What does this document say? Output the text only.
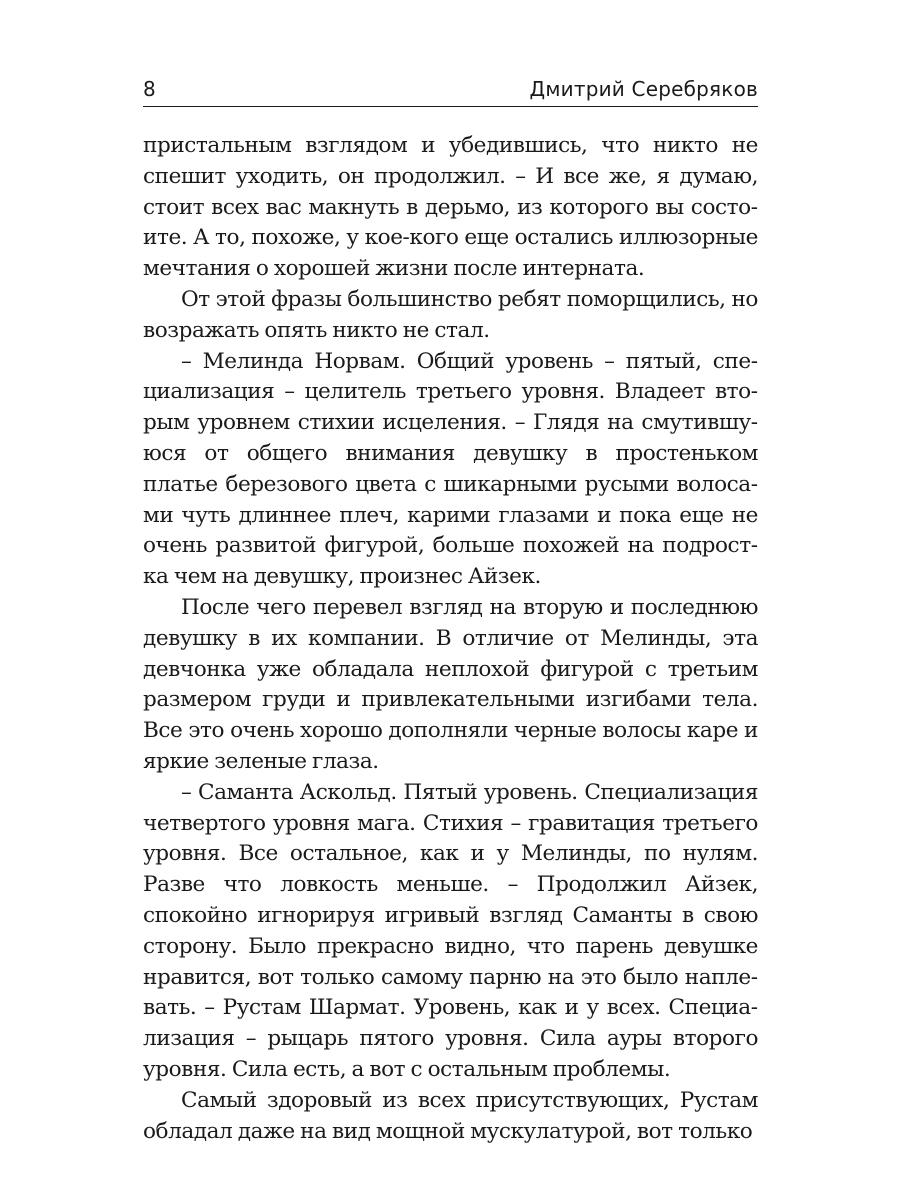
8	Дмитрий Серебряков

пристальным взглядом и убедившись, что никто не спешит уходить, он продолжил. – И все же, я думаю, стоит всех вас макнуть в дерьмо, из которого вы состоите. А то, похоже, у кое-кого еще остались иллюзорные мечтания о хорошей жизни после интерната.

От этой фразы большинство ребят поморщились, но возражать опять никто не стал.

– Мелинда Норвам. Общий уровень – пятый, специализация – целитель третьего уровня. Владеет вторым уровнем стихии исцеления. – Глядя на смутившуюся от общего внимания девушку в простеньком платье березового цвета с шикарными русыми волосами чуть длиннее плеч, карими глазами и пока еще не очень развитой фигурой, больше похожей на подростка чем на девушку, произнес Айзек.

После чего перевел взгляд на вторую и последнюю девушку в их компании. В отличие от Мелинды, эта девчонка уже обладала неплохой фигурой с третьим размером груди и привлекательными изгибами тела. Все это очень хорошо дополняли черные волосы каре и яркие зеленые глаза.

– Саманта Аскольд. Пятый уровень. Специализация четвертого уровня мага. Стихия – гравитация третьего уровня. Все остальное, как и у Мелинды, по нулям. Разве что ловкость меньше. – Продолжил Айзек, спокойно игнорируя игривый взгляд Саманты в свою сторону. Было прекрасно видно, что парень девушке нравится, вот только самому парню на это было наплевать. – Рустам Шармат. Уровень, как и у всех. Специализация – рыцарь пятого уровня. Сила ауры второго уровня. Сила есть, а вот с остальным проблемы.

Самый здоровый из всех присутствующих, Рустам обладал даже на вид мощной мускулатурой, вот только
